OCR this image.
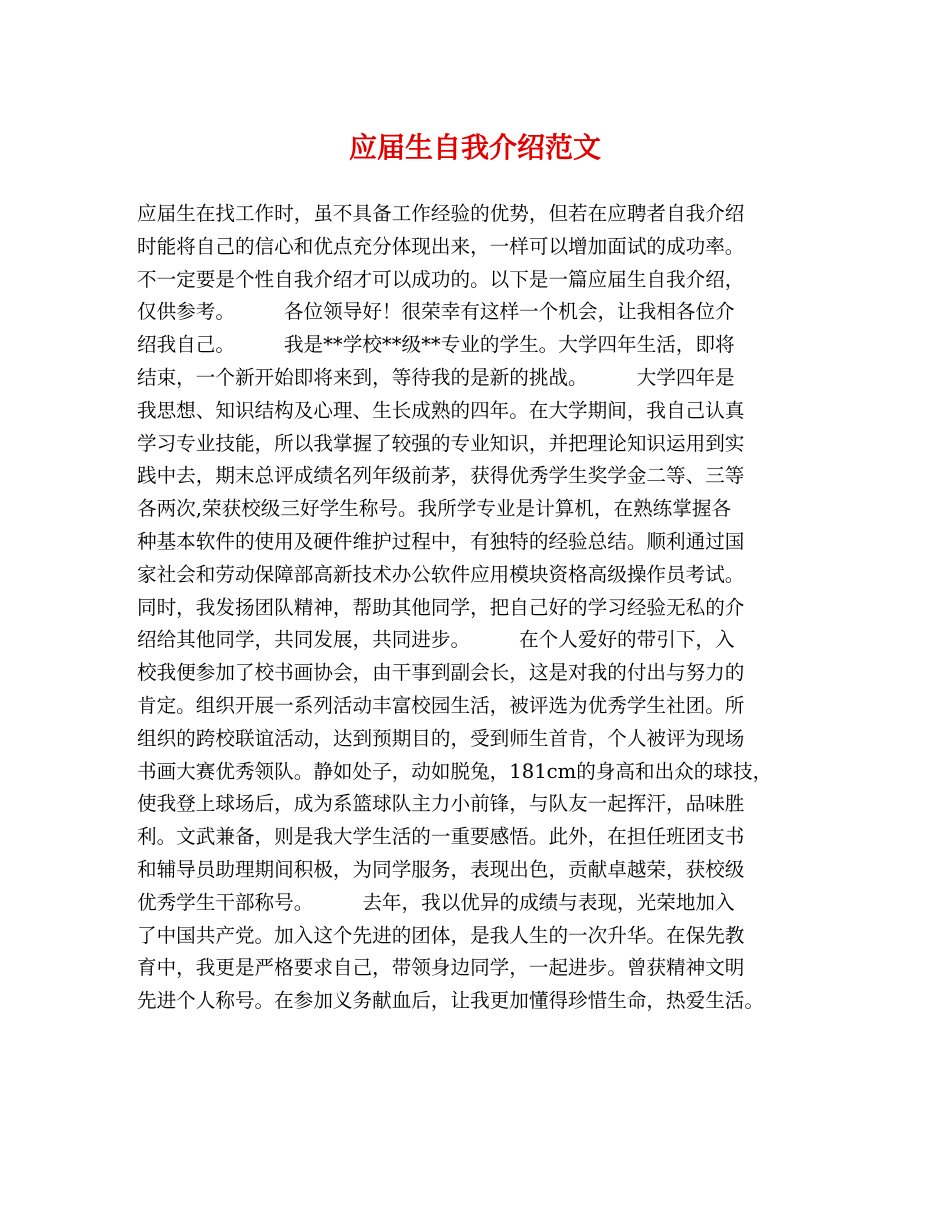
应届生自我介绍范文
应届生在找工作时，虽不具备工作经验的优势，但若在应聘者自我介绍
时能将自己的信心和优点充分体现出来，一样可以增加面试的成功率。
不一定要是个性自我介绍才可以成功的。以下是一篇应届生自我介绍，
仅供参考。　　　各位领导好！很荣幸有这样一个机会，让我相各位介
绍我自己。　　　我是**学校**级**专业的学生。大学四年生活，即将
结束，一个新开始即将来到，等待我的是新的挑战。　　　大学四年是
我思想、知识结构及心理、生长成熟的四年。在大学期间，我自己认真
学习专业技能，所以我掌握了较强的专业知识，并把理论知识运用到实
践中去，期末总评成绩名列年级前茅，获得优秀学生奖学金二等、三等
各两次,荣获校级三好学生称号。我所学专业是计算机，在熟练掌握各
种基本软件的使用及硬件维护过程中，有独特的经验总结。顺利通过国
家社会和劳动保障部高新技术办公软件应用模块资格高级操作员考试。
同时，我发扬团队精神，帮助其他同学，把自己好的学习经验无私的介
绍给其他同学，共同发展，共同进步。　　　在个人爱好的带引下，入
校我便参加了校书画协会，由干事到副会长，这是对我的付出与努力的
肯定。组织开展一系列活动丰富校园生活，被评选为优秀学生社团。所
组织的跨校联谊活动，达到预期目的，受到师生首肯，个人被评为现场
书画大赛优秀领队。静如处子，动如脱兔，181cm的身高和出众的球技，
使我登上球场后，成为系篮球队主力小前锋，与队友一起挥汗，品味胜
利。文武兼备，则是我大学生活的一重要感悟。此外，在担任班团支书
和辅导员助理期间积极，为同学服务，表现出色，贡献卓越荣，获校级
优秀学生干部称号。　　　去年，我以优异的成绩与表现，光荣地加入
了中国共产党。加入这个先进的团体，是我人生的一次升华。在保先教
育中，我更是严格要求自己，带领身边同学，一起进步。曾获精神文明
先进个人称号。在参加义务献血后，让我更加懂得珍惜生命，热爱生活。
